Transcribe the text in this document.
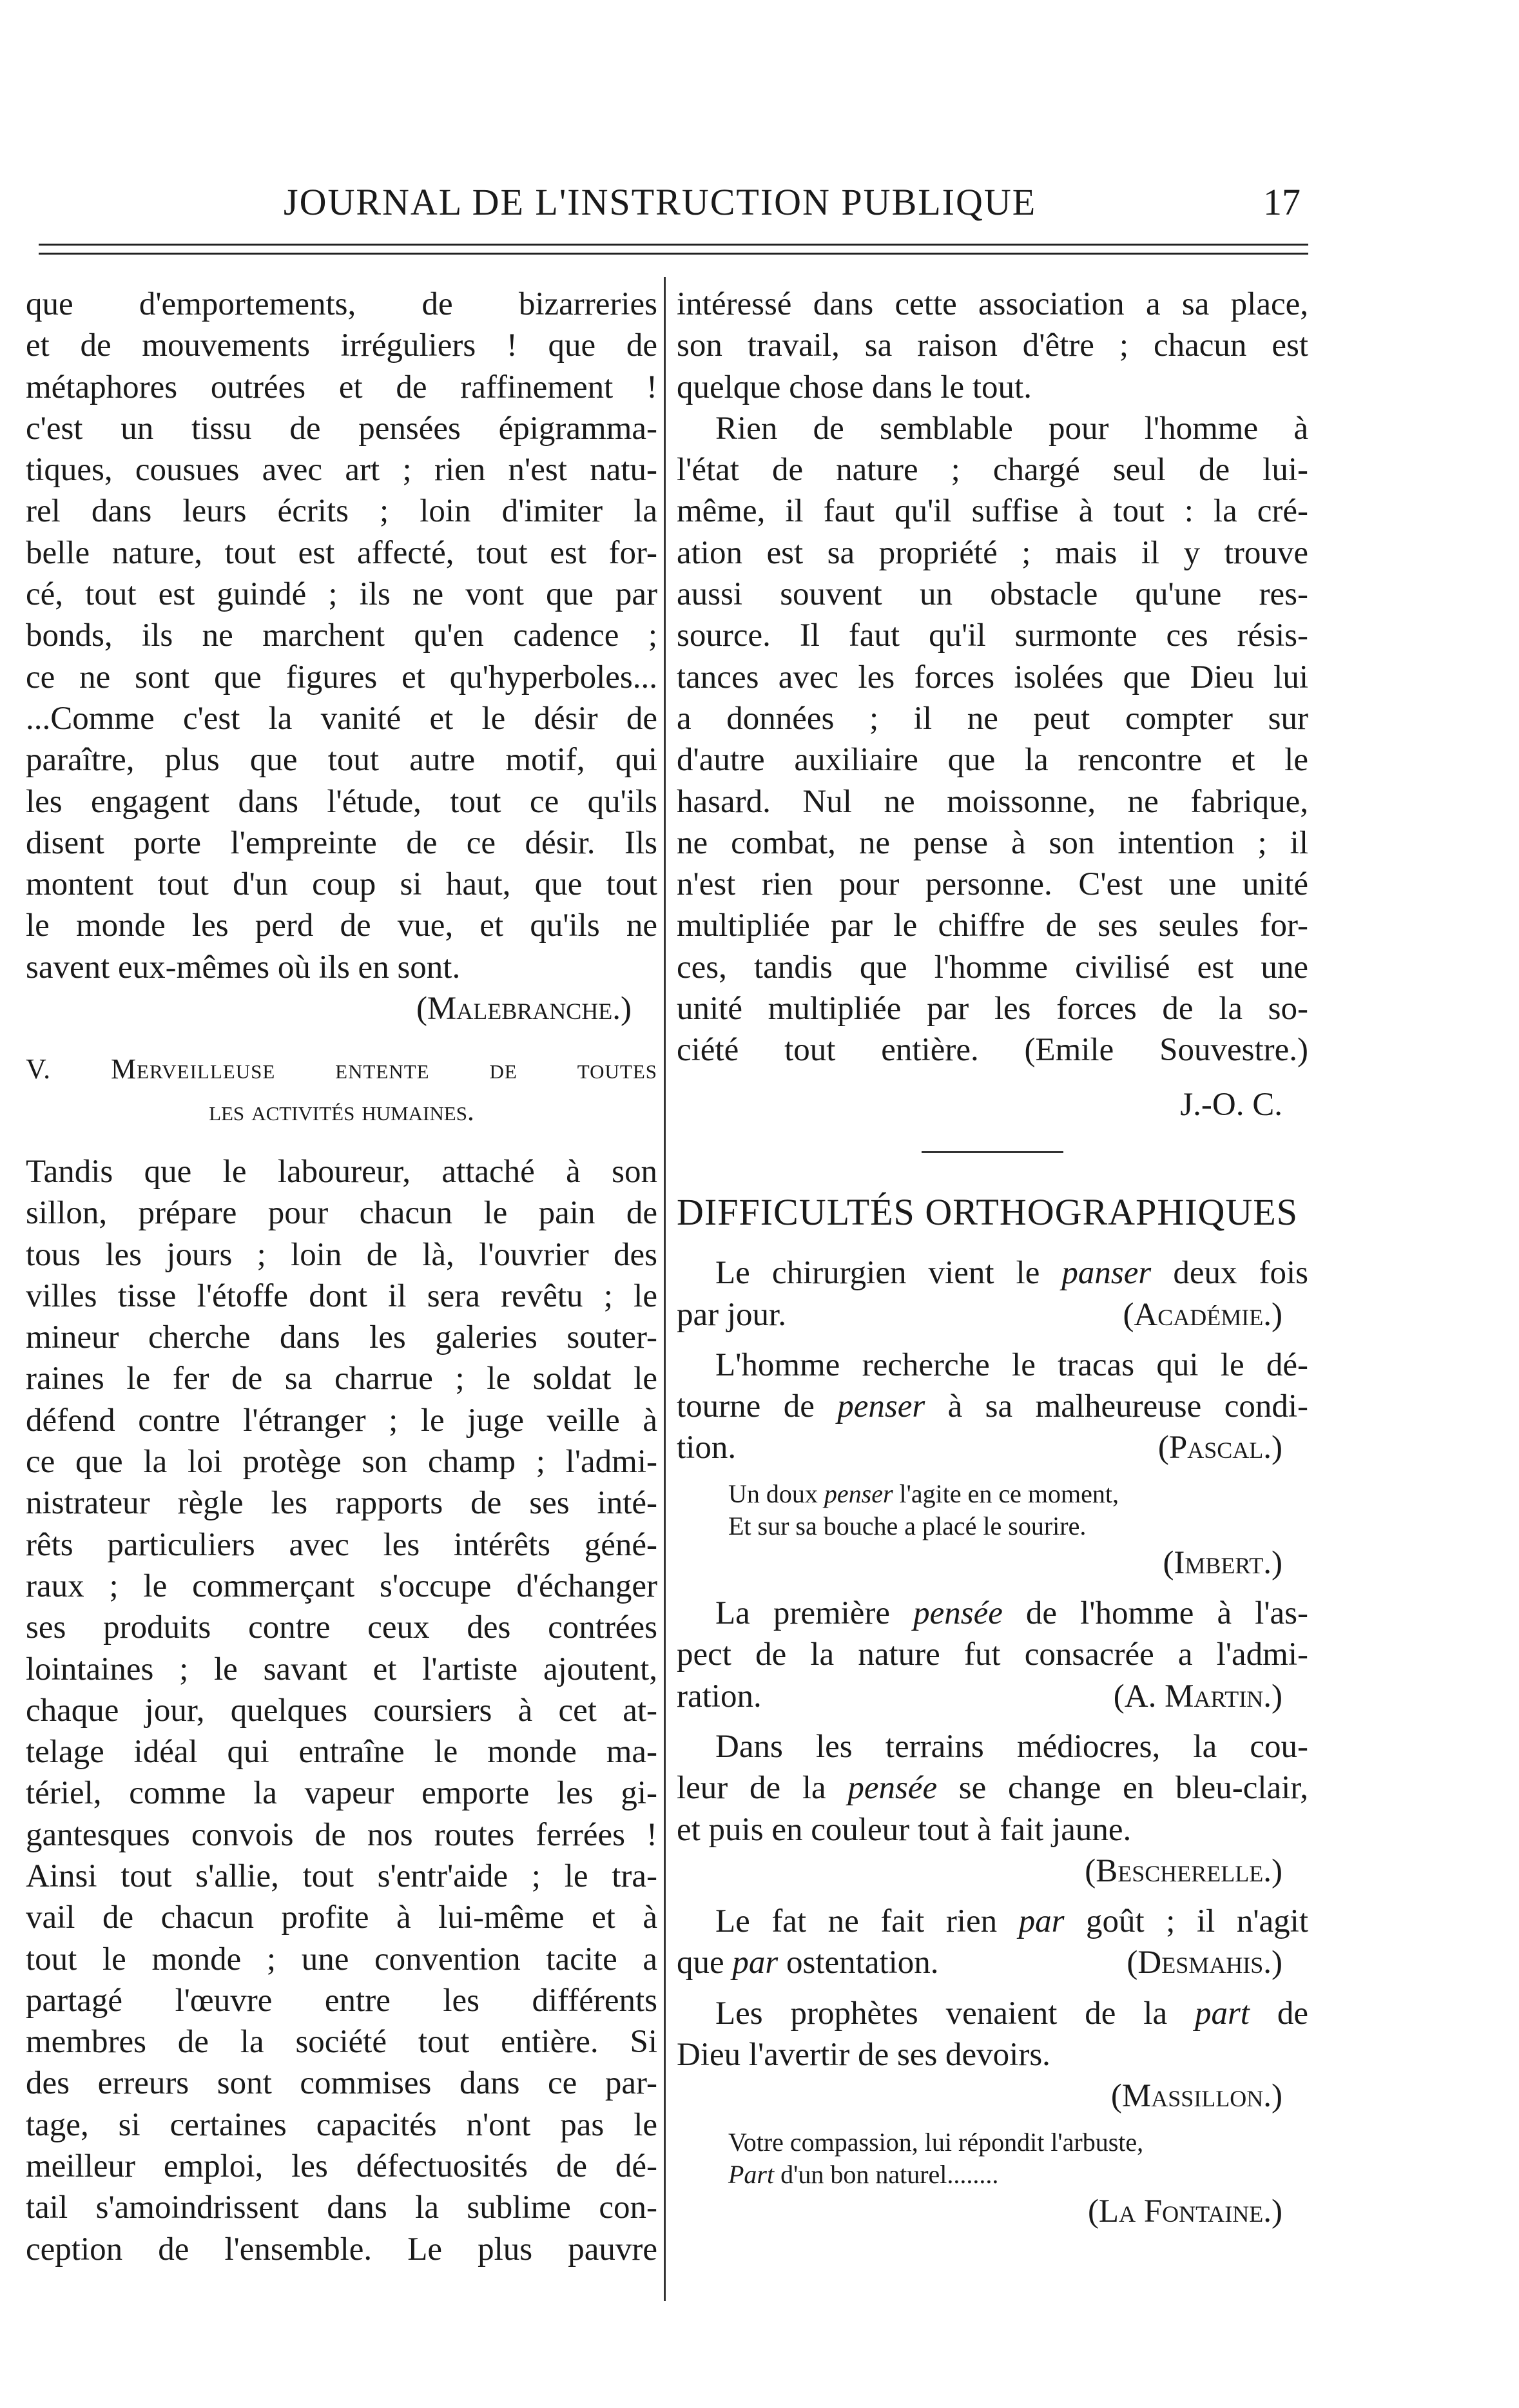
JOURNAL DE L'INSTRUCTION PUBLIQUE	17
que d'emportements, de bizarreries
et de mouvements irréguliers ! que de
métaphores outrées et de raffinement !
c'est un tissu de pensées épigramma-
tiques, cousues avec art ; rien n'est natu-
rel dans leurs écrits ; loin d'imiter la
belle nature, tout est affecté, tout est for-
cé, tout est guindé ; ils ne vont que par
bonds, ils ne marchent qu'en cadence ;
ce ne sont que figures et qu'hyperboles...
...Comme c'est la vanité et le désir de
paraître, plus que tout autre motif, qui
les engagent dans l'étude, tout ce qu'ils
disent porte l'empreinte de ce désir. Ils
montent tout d'un coup si haut, que tout
le monde les perd de vue, et qu'ils ne
savent eux-mêmes où ils en sont.
(Malebranche.)
V. Merveilleuse entente de toutes
les activités humaines.
Tandis que le laboureur, attaché à son
sillon, prépare pour chacun le pain de
tous les jours ; loin de là, l'ouvrier des
villes tisse l'étoffe dont il sera revêtu ; le
mineur cherche dans les galeries souter-
raines le fer de sa charrue ; le soldat le
défend contre l'étranger ; le juge veille à
ce que la loi protège son champ ; l'admi-
nistrateur règle les rapports de ses inté-
rêts particuliers avec les intérêts géné-
raux ; le commerçant s'occupe d'échanger
ses produits contre ceux des contrées
lointaines ; le savant et l'artiste ajoutent,
chaque jour, quelques coursiers à cet at-
telage idéal qui entraîne le monde ma-
tériel, comme la vapeur emporte les gi-
gantesques convois de nos routes ferrées !
Ainsi tout s'allie, tout s'entr'aide ; le tra-
vail de chacun profite à lui-même et à
tout le monde ; une convention tacite a
partagé l'œuvre entre les différents
membres de la société tout entière. Si
des erreurs sont commises dans ce par-
tage, si certaines capacités n'ont pas le
meilleur emploi, les défectuosités de dé-
tail s'amoindrissent dans la sublime con-
ception de l'ensemble. Le plus pauvre
intéressé dans cette association a sa place,
son travail, sa raison d'être ; chacun est
quelque chose dans le tout.
Rien de semblable pour l'homme à
l'état de nature ; chargé seul de lui-
même, il faut qu'il suffise à tout : la cré-
ation est sa propriété ; mais il y trouve
aussi souvent un obstacle qu'une res-
source. Il faut qu'il surmonte ces résis-
tances avec les forces isolées que Dieu lui
a données ; il ne peut compter sur
d'autre auxiliaire que la rencontre et le
hasard. Nul ne moissonne, ne fabrique,
ne combat, ne pense à son intention ; il
n'est rien pour personne. C'est une unité
multipliée par le chiffre de ses seules for-
ces, tandis que l'homme civilisé est une
unité multipliée par les forces de la so-
ciété tout entière. (Emile Souvestre.)
J.-O. C.
DIFFICULTÉS ORTHOGRAPHIQUES
Le chirurgien vient le panser deux fois
par jour.	(Académie.)
L'homme recherche le tracas qui le dé-
tourne de penser à sa malheureuse condi-
tion.	(Pascal.)
Un doux penser l'agite en ce moment,
Et sur sa bouche a placé le sourire.
(Imbert.)
La première pensée de l'homme à l'as-
pect de la nature fut consacrée a l'admi-
ration.	(A. Martin.)
Dans les terrains médiocres, la cou-
leur de la pensée se change en bleu-clair,
et puis en couleur tout à fait jaune.
(Bescherelle.)
Le fat ne fait rien par goût ; il n'agit
que par ostentation.	(Desmahis.)
Les prophètes venaient de la part de
Dieu l'avertir de ses devoirs.
(Massillon.)
Votre compassion, lui répondit l'arbuste,
Part d'un bon naturel........
(La Fontaine.)
